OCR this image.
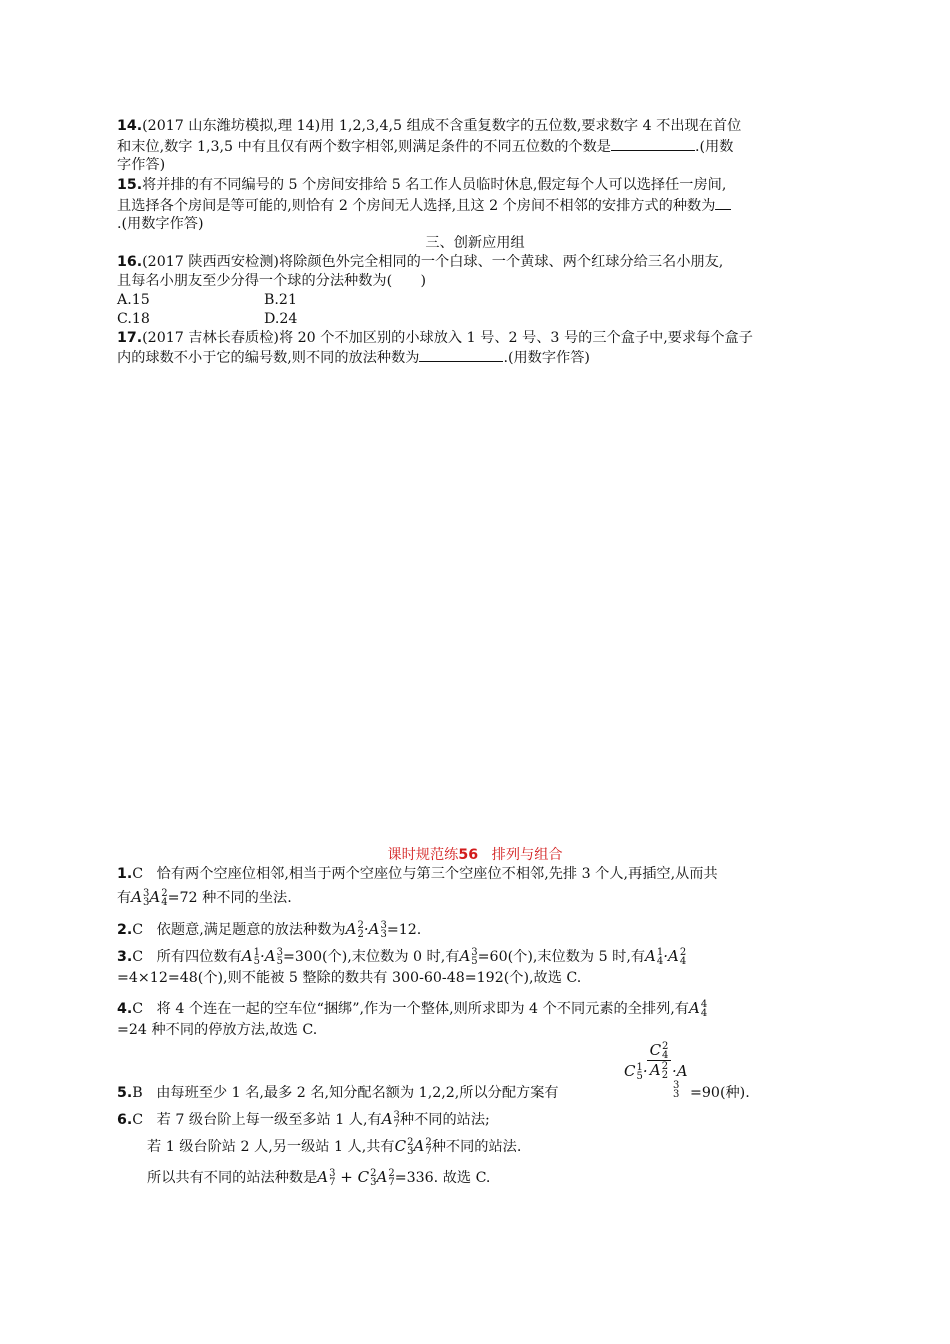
14.(2017 山东潍坊模拟,理 14)用 1,2,3,4,5 组成不含重复数字的五位数,要求数字 4 不出现在首位
和末位,数字 1,3,5 中有且仅有两个数字相邻,则满足条件的不同五位数的个数是	.(用数
字作答)
15.将并排的有不同编号的 5 个房间安排给 5 名工作人员临时休息,假定每个人可以选择任一房间,
且选择各个房间是等可能的,则恰有 2 个房间无人选择,且这 2 个房间不相邻的安排方式的种数为
.(用数字作答)
三、创新应用组
16.(2017 陕西西安检测)将除颜色外完全相同的一个白球、一个黄球、两个红球分给三名小朋友,
且每名小朋友至少分得一个球的分法种数为(　　)
A.15	B.21
C.18	D.24
17.(2017 吉林长春质检)将 20 个不加区别的小球放入 1 号、2 号、3 号的三个盒子中,要求每个盒子
内的球数不小于它的编号数,则不同的放法种数为	.(用数字作答)
课时规范练56 排列与组合
1.C 恰有两个空座位相邻,相当于两个空座位与第三个空座位不相邻,先排 3 个人,再插空,从而共
有A 3
3 A 2
4 =72 种不同的坐法.
2.C 依题意,满足题意的放法种数为A 2
2 ·A 3
3 =12.
3.C 所有四位数有A 1
5 ·A 3
5 =300(个),末位数为 0 时,有A 3
5 =60(个),末位数为 5 时,有A 1
4 ·A 2
4
=4×12=48(个),则不能被 5 整除的数共有 300-60-48=192(个),故选 C.
4.C 将 4 个连在一起的空车位“捆绑”,作为一个整体,则所求即为 4 个不同元素的全排列,有A 4
4
=24 种不同的停放方法,故选 C.
C 1
5 ·
C 2
4
A 2
2 ·A
3
3
5.B 由每班至少 1 名,最多 2 名,知分配名额为 1,2,2,所以分配方案有	=90(种).
6.C 若 7 级台阶上每一级至多站 1 人,有A 3
7 种不同的站法;
若 1 级台阶站 2 人,另一级站 1 人,共有C 2
3 A 2
7 种不同的站法.
所以共有不同的站法种数是A 3
7 + C 2
3 A 2
7 =336. 故选 C.
